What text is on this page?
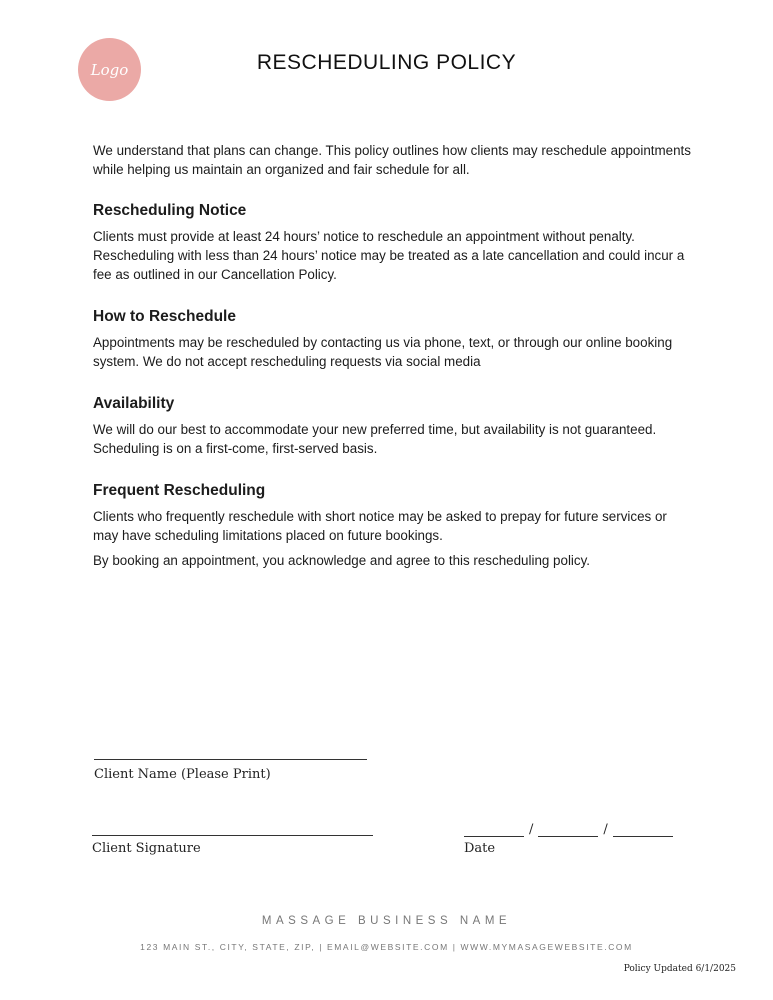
Logo	RESCHEDULING POLICY

We understand that plans can change. This policy outlines how clients may reschedule appointments while helping us maintain an organized and fair schedule for all.

Rescheduling Notice

Clients must provide at least 24 hours’ notice to reschedule an appointment without penalty. Rescheduling with less than 24 hours’ notice may be treated as a late cancellation and could incur a fee as outlined in our Cancellation Policy.

How to Reschedule

Appointments may be rescheduled by contacting us via phone, text, or through our online booking system. We do not accept rescheduling requests via social media

Availability

We will do our best to accommodate your new preferred time, but availability is not guaranteed. Scheduling is on a first-come, first-served basis.

Frequent Rescheduling

Clients who frequently reschedule with short notice may be asked to prepay for future services or may have scheduling limitations placed on future bookings.

By booking an appointment, you acknowledge and agree to this rescheduling policy.

Client Name (Please Print)
Client Signature
/	/
Date
MASSAGE BUSINESS NAME
123 MAIN ST., CITY, STATE, ZIP, | EMAIL@WEBSITE.COM | WWW.MYMASAGEWEBSITE.COM
Policy Updated 6/1/2025
